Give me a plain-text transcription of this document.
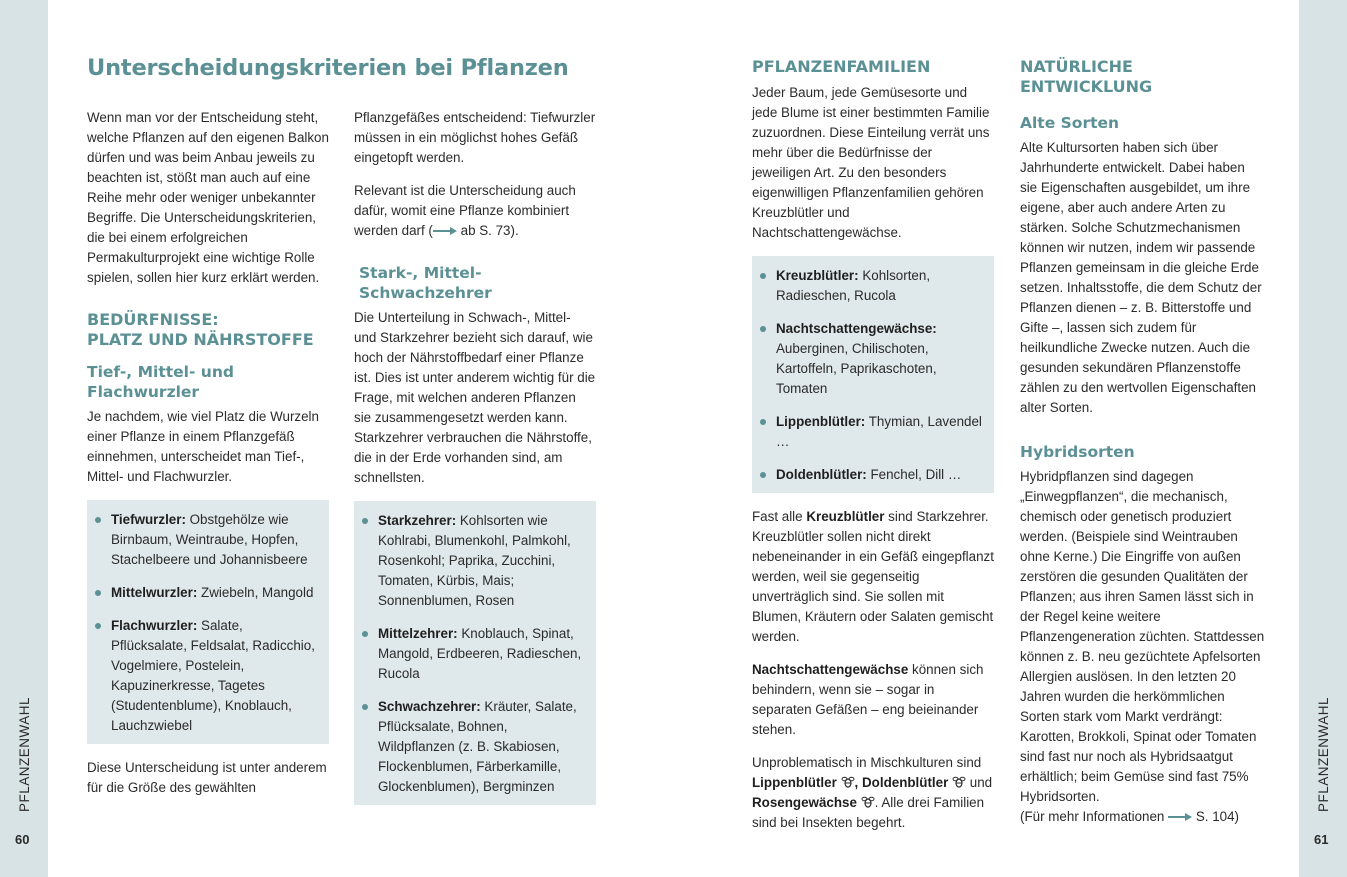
PFLANZENWAHL	PFLANZENWAHL
60	61
Unterscheidungskriterien bei Pflanzen

Wenn man vor der Entscheidung steht, welche Pflanzen auf den eigenen Balkon dürfen und was beim Anbau jeweils zu beachten ist, stößt man auch auf eine Reihe mehr oder weniger unbekannter Begriffe. Die Unterscheidungskriterien, die bei einem erfolgreichen Permakulturprojekt eine wichtige Rolle spielen, sollen hier kurz erklärt werden.

BEDÜRFNISSE:
PLATZ UND NÄHRSTOFFE
Tief-, Mittel- und Flachwurzler

Je nachdem, wie viel Platz die Wurzeln einer Pflanze in einem Pflanzgefäß einnehmen, unterscheidet man Tief-, Mittel- und Flachwurzler.

Tiefwurzler: Obstgehölze wie Birnbaum, Weintraube, Hopfen, Stachelbeere und Johannisbeere
Mittelwurzler: Zwiebeln, Mangold
Flachwurzler: Salate, Pflücksalate, Feldsalat, Radicchio, Vogelmiere, Postelein, Kapuzinerkresse, Tagetes (Studentenblume), Knoblauch, Lauchzwiebel

Diese Unterscheidung ist unter anderem für die Größe des gewählten

Pflanzgefäßes entscheidend: Tiefwurzler müssen in ein möglichst hohes Gefäß eingetopft werden.

Relevant ist die Unterscheidung auch dafür, womit eine Pflanze kombiniert werden darf ( ab S. 73).

Stark-, Mittel- Schwachzehrer

Die Unterteilung in Schwach-, Mittel- und Starkzehrer bezieht sich darauf, wie hoch der Nährstoffbedarf einer Pflanze ist. Dies ist unter anderem wichtig für die Frage, mit welchen anderen Pflanzen sie zusammengesetzt werden kann. Starkzehrer verbrauchen die Nährstoffe, die in der Erde vorhanden sind, am schnellsten.

Starkzehrer: Kohlsorten wie Kohlrabi, Blumenkohl, Palmkohl, Rosenkohl; Paprika, Zucchini, Tomaten, Kürbis, Mais; Sonnenblumen, Rosen
Mittelzehrer: Knoblauch, Spinat, Mangold, Erdbeeren, Radieschen, Rucola
Schwachzehrer: Kräuter, Salate, Pflücksalate, Bohnen, Wildpflanzen (z. B. Skabiosen, Flockenblumen, Färberkamille, Glockenblumen), Bergminzen
PFLANZENFAMILIEN

Jeder Baum, jede Gemüsesorte und jede Blume ist einer bestimmten Familie zuzuordnen. Diese Einteilung verrät uns mehr über die Bedürfnisse der jeweiligen Art. Zu den besonders eigenwilligen Pflanzenfamilien gehören Kreuzblütler und Nachtschattengewächse.

Kreuzblütler: Kohlsorten, Radieschen, Rucola
Nachtschattengewächse: Auberginen, Chilischoten, Kartoffeln, Paprikaschoten, Tomaten
Lippenblütler: Thymian, Lavendel …
Doldenblütler: Fenchel, Dill …

Fast alle Kreuzblütler sind Starkzehrer. Kreuzblütler sollen nicht direkt nebeneinander in ein Gefäß eingepflanzt werden, weil sie gegenseitig unverträglich sind. Sie sollen mit Blumen, Kräutern oder Salaten gemischt werden.

Nachtschattengewächse können sich behindern, wenn sie – sogar in separaten Gefäßen – eng beieinander stehen.

Unproblematisch in Mischkulturen sind Lippenblütler , Doldenblütler  und Rosengewächse . Alle drei Familien sind bei Insekten begehrt.

NATÜRLICHE ENTWICKLUNG
Alte Sorten

Alte Kultursorten haben sich über Jahrhunderte entwickelt. Dabei haben sie Eigenschaften ausgebildet, um ihre eigene, aber auch andere Arten zu stärken. Solche Schutzmechanismen können wir nutzen, indem wir passende Pflanzen gemeinsam in die gleiche Erde setzen. Inhaltsstoffe, die dem Schutz der Pflanzen dienen – z. B. Bitterstoffe und Gifte –, lassen sich zudem für heilkundliche Zwecke nutzen. Auch die gesunden sekundären Pflanzenstoffe zählen zu den wertvollen Eigenschaften alter Sorten.

Hybridsorten

Hybridpflanzen sind dagegen „Einwegpflanzen“, die mechanisch, chemisch oder genetisch produziert werden. (Beispiele sind Weintrauben ohne Kerne.) Die Eingriffe von außen zerstören die gesunden Qualitäten der Pflanzen; aus ihren Samen lässt sich in der Regel keine weitere Pflanzengeneration züchten. Stattdessen können z. B. neu gezüchtete Apfelsorten Allergien auslösen. In den letzten 20 Jahren wurden die herkömmlichen Sorten stark vom Markt verdrängt: Karotten, Brokkoli, Spinat oder Tomaten sind fast nur noch als Hybridsaatgut erhältlich; beim Gemüse sind fast 75% Hybridsorten.

(Für mehr Informationen  S. 104)
